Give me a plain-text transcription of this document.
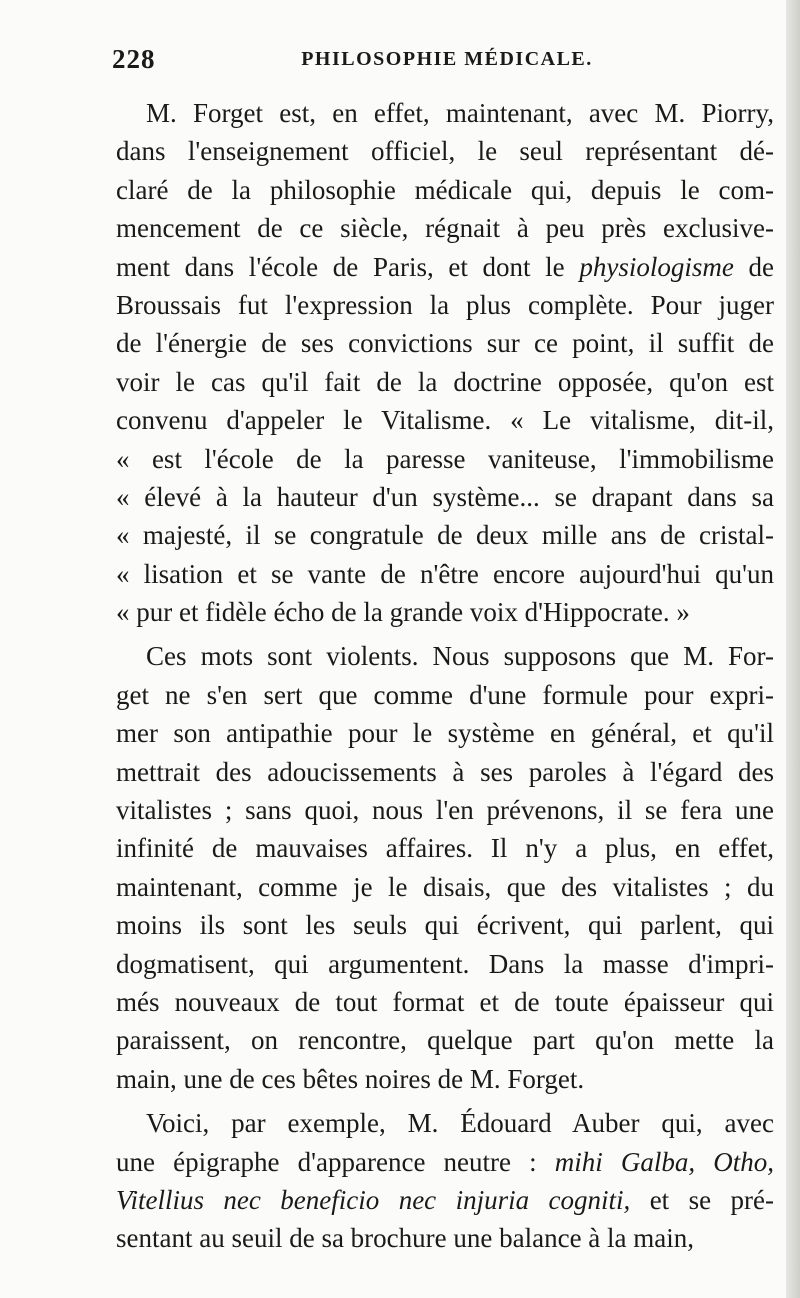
228	PHILOSOPHIE MÉDICALE.
M. Forget est, en effet, maintenant, avec M. Piorry,
dans l'enseignement officiel, le seul représentant dé-
claré de la philosophie médicale qui, depuis le com-
mencement de ce siècle, régnait à peu près exclusive-
ment dans l'école de Paris, et dont le physiologisme de
Broussais fut l'expression la plus complète. Pour juger
de l'énergie de ses convictions sur ce point, il suffit de
voir le cas qu'il fait de la doctrine opposée, qu'on est
convenu d'appeler le Vitalisme. « Le vitalisme, dit-il,
« est l'école de la paresse vaniteuse, l'immobilisme
« élevé à la hauteur d'un système... se drapant dans sa
« majesté, il se congratule de deux mille ans de cristal-
« lisation et se vante de n'être encore aujourd'hui qu'un
« pur et fidèle écho de la grande voix d'Hippocrate. »
Ces mots sont violents. Nous supposons que M. For-
get ne s'en sert que comme d'une formule pour expri-
mer son antipathie pour le système en général, et qu'il
mettrait des adoucissements à ses paroles à l'égard des
vitalistes ; sans quoi, nous l'en prévenons, il se fera une
infinité de mauvaises affaires. Il n'y a plus, en effet,
maintenant, comme je le disais, que des vitalistes ; du
moins ils sont les seuls qui écrivent, qui parlent, qui
dogmatisent, qui argumentent. Dans la masse d'impri-
més nouveaux de tout format et de toute épaisseur qui
paraissent, on rencontre, quelque part qu'on mette la
main, une de ces bêtes noires de M. Forget.
Voici, par exemple, M. Édouard Auber qui, avec
une épigraphe d'apparence neutre : mihi Galba, Otho,
Vitellius nec beneficio nec injuria cogniti, et se pré-
sentant au seuil de sa brochure une balance à la main,
